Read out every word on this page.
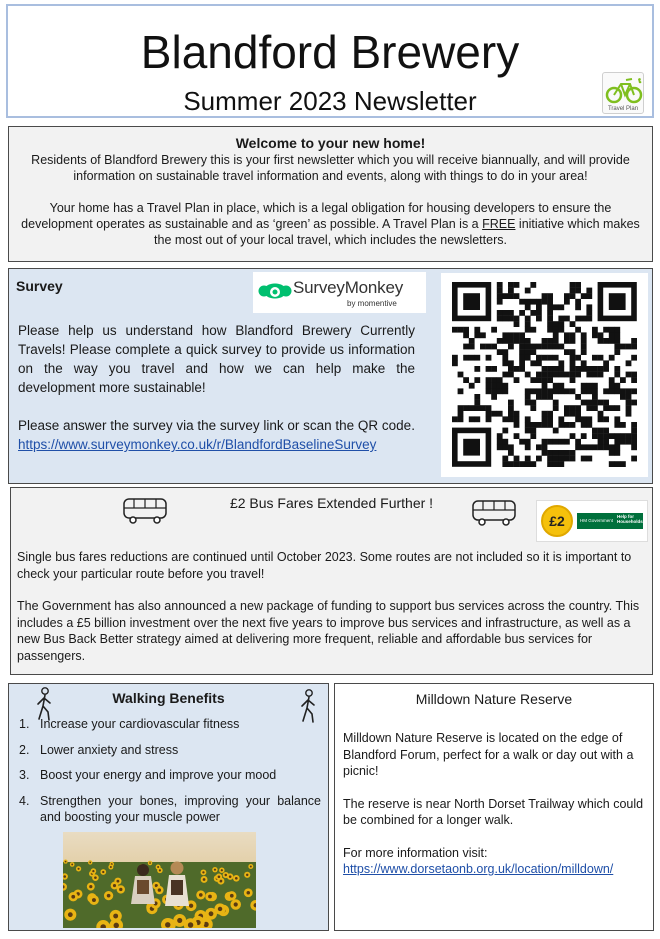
Blandford Brewery
Summer 2023 Newsletter	Travel Plan
Welcome to your new home!

Residents of Blandford Brewery this is your first newsletter which you will receive biannually, and will provide information on sustainable travel information and events, along with things to do in your area!

Your home has a Travel Plan in place, which is a legal obligation for housing developers to ensure the development operates as sustainable and as ‘green’ as possible. A Travel Plan is a FREE initiative which makes the most out of your local travel, which includes the newsletters.

Survey	SurveyMonkey
by momentive

Please help us understand how Blandford Brewery Currently Travels! Please complete a quick survey to provide us information on the way you travel and how we can help make the development more sustainable!

Please answer the survey via the survey link or scan the QR code.
https://www.surveymonkey.co.uk/r/BlandfordBaselineSurvey

£2 Bus Fares Extended Further !
£2	HM Government
Help for Households

Single bus fares reductions are continued until October 2023. Some routes are not included so it is important to check your particular route before you travel!

The Government has also announced a new package of funding to support bus services across the country. This includes a £5 billion investment over the next five years to improve bus services and infrastructure, as well as a new Bus Back Better strategy aimed at delivering more frequent, reliable and affordable bus services for passengers.

Walking Benefits
1. Increase your cardiovascular fitness
2. Lower anxiety and stress
3. Boost your energy and improve your mood
4. Strengthen your bones, improving your balance and boosting your muscle power
Milldown Nature Reserve

Milldown Nature Reserve is located on the edge of Blandford Forum, perfect for a walk or day out with a picnic!

The reserve is near North Dorset Trailway which could be combined for a longer walk.

For more information visit:
https://www.dorsetaonb.org.uk/location/milldown/
